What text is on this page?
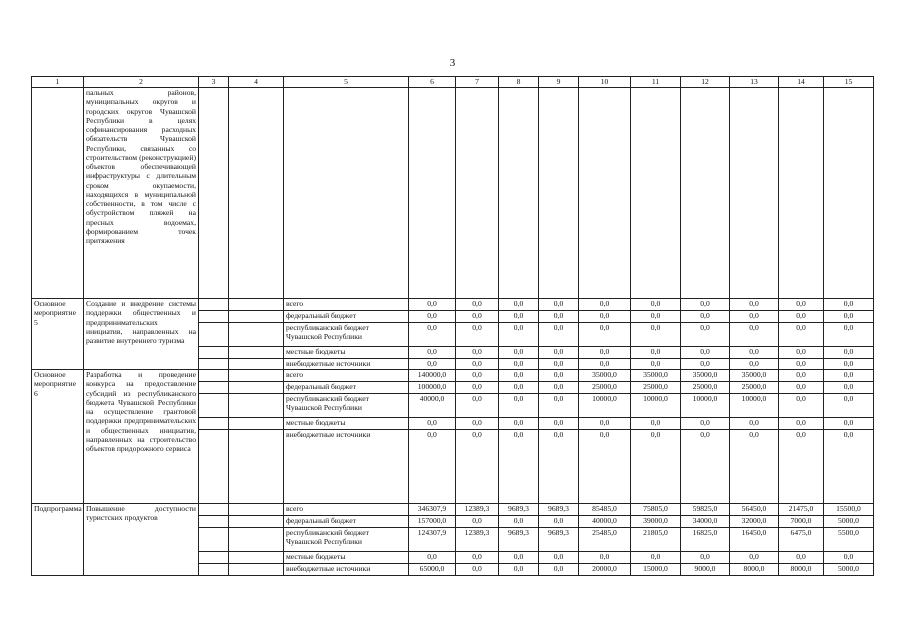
3
1	2	3	4	5	6	7	8	9	10	11	12	13	14	15
	пальных районов, муниципальных округов и городских округов Чувашской Республики в целях софинансирования расходных обязательств Чувашской Республики, связанных со строительством (реконструкцией) объектов обеспечивающей инфраструктуры с длительным сроком окупаемости, находящихся в муниципальной собственности, в том числе с обустройством пляжей на пресных водоемах, формированием точек притяжения													
Основное мероприятие 5	Создание и внедрение системы поддержки общественных и предпринимательских инициатив, направленных на развитие внутреннего туризма			всего	0,0	0,0	0,0	0,0	0,0	0,0	0,0	0,0	0,0	0,0
				федеральный бюджет	0,0	0,0	0,0	0,0	0,0	0,0	0,0	0,0	0,0	0,0
				республиканский бюджет Чувашской Республики	0,0	0,0	0,0	0,0	0,0	0,0	0,0	0,0	0,0	0,0
				местные бюджеты	0,0	0,0	0,0	0,0	0,0	0,0	0,0	0,0	0,0	0,0
				внебюджетные источники	0,0	0,0	0,0	0,0	0,0	0,0	0,0	0,0	0,0	0,0
Основное мероприятие 6	Разработка и проведение конкурса на предоставление субсидий из республиканского бюджета Чувашской Республики на осуществление грантовой поддержки предпринимательских и общественных инициатив, направленных на строительство объектов придорожного сервиса			всего	140000,0	0,0	0,0	0,0	35000,0	35000,0	35000,0	35000,0	0,0	0,0
				федеральный бюджет	100000,0	0,0	0,0	0,0	25000,0	25000,0	25000,0	25000,0	0,0	0,0
				республиканский бюджет Чувашской Республики	40000,0	0,0	0,0	0,0	10000,0	10000,0	10000,0	10000,0	0,0	0,0
				местные бюджеты	0,0	0,0	0,0	0,0	0,0	0,0	0,0	0,0	0,0	0,0
				внебюджетные источники	0,0	0,0	0,0	0,0	0,0	0,0	0,0	0,0	0,0	0,0
Подпрограмма	Повышение доступности туристских продуктов			всего	346307,9	12389,3	9689,3	9689,3	85485,0	75805,0	59825,0	56450,0	21475,0	15500,0
				федеральный бюджет	157000,0	0,0	0,0	0,0	40000,0	39000,0	34000,0	32000,0	7000,0	5000,0
				республиканский бюджет Чувашской Республики	124307,9	12389,3	9689,3	9689,3	25485,0	21805,0	16825,0	16450,0	6475,0	5500,0
				местные бюджеты	0,0	0,0	0,0	0,0	0,0	0,0	0,0	0,0	0,0	0,0
				внебюджетные источники	65000,0	0,0	0,0	0,0	20000,0	15000,0	9000,0	8000,0	8000,0	5000,0
